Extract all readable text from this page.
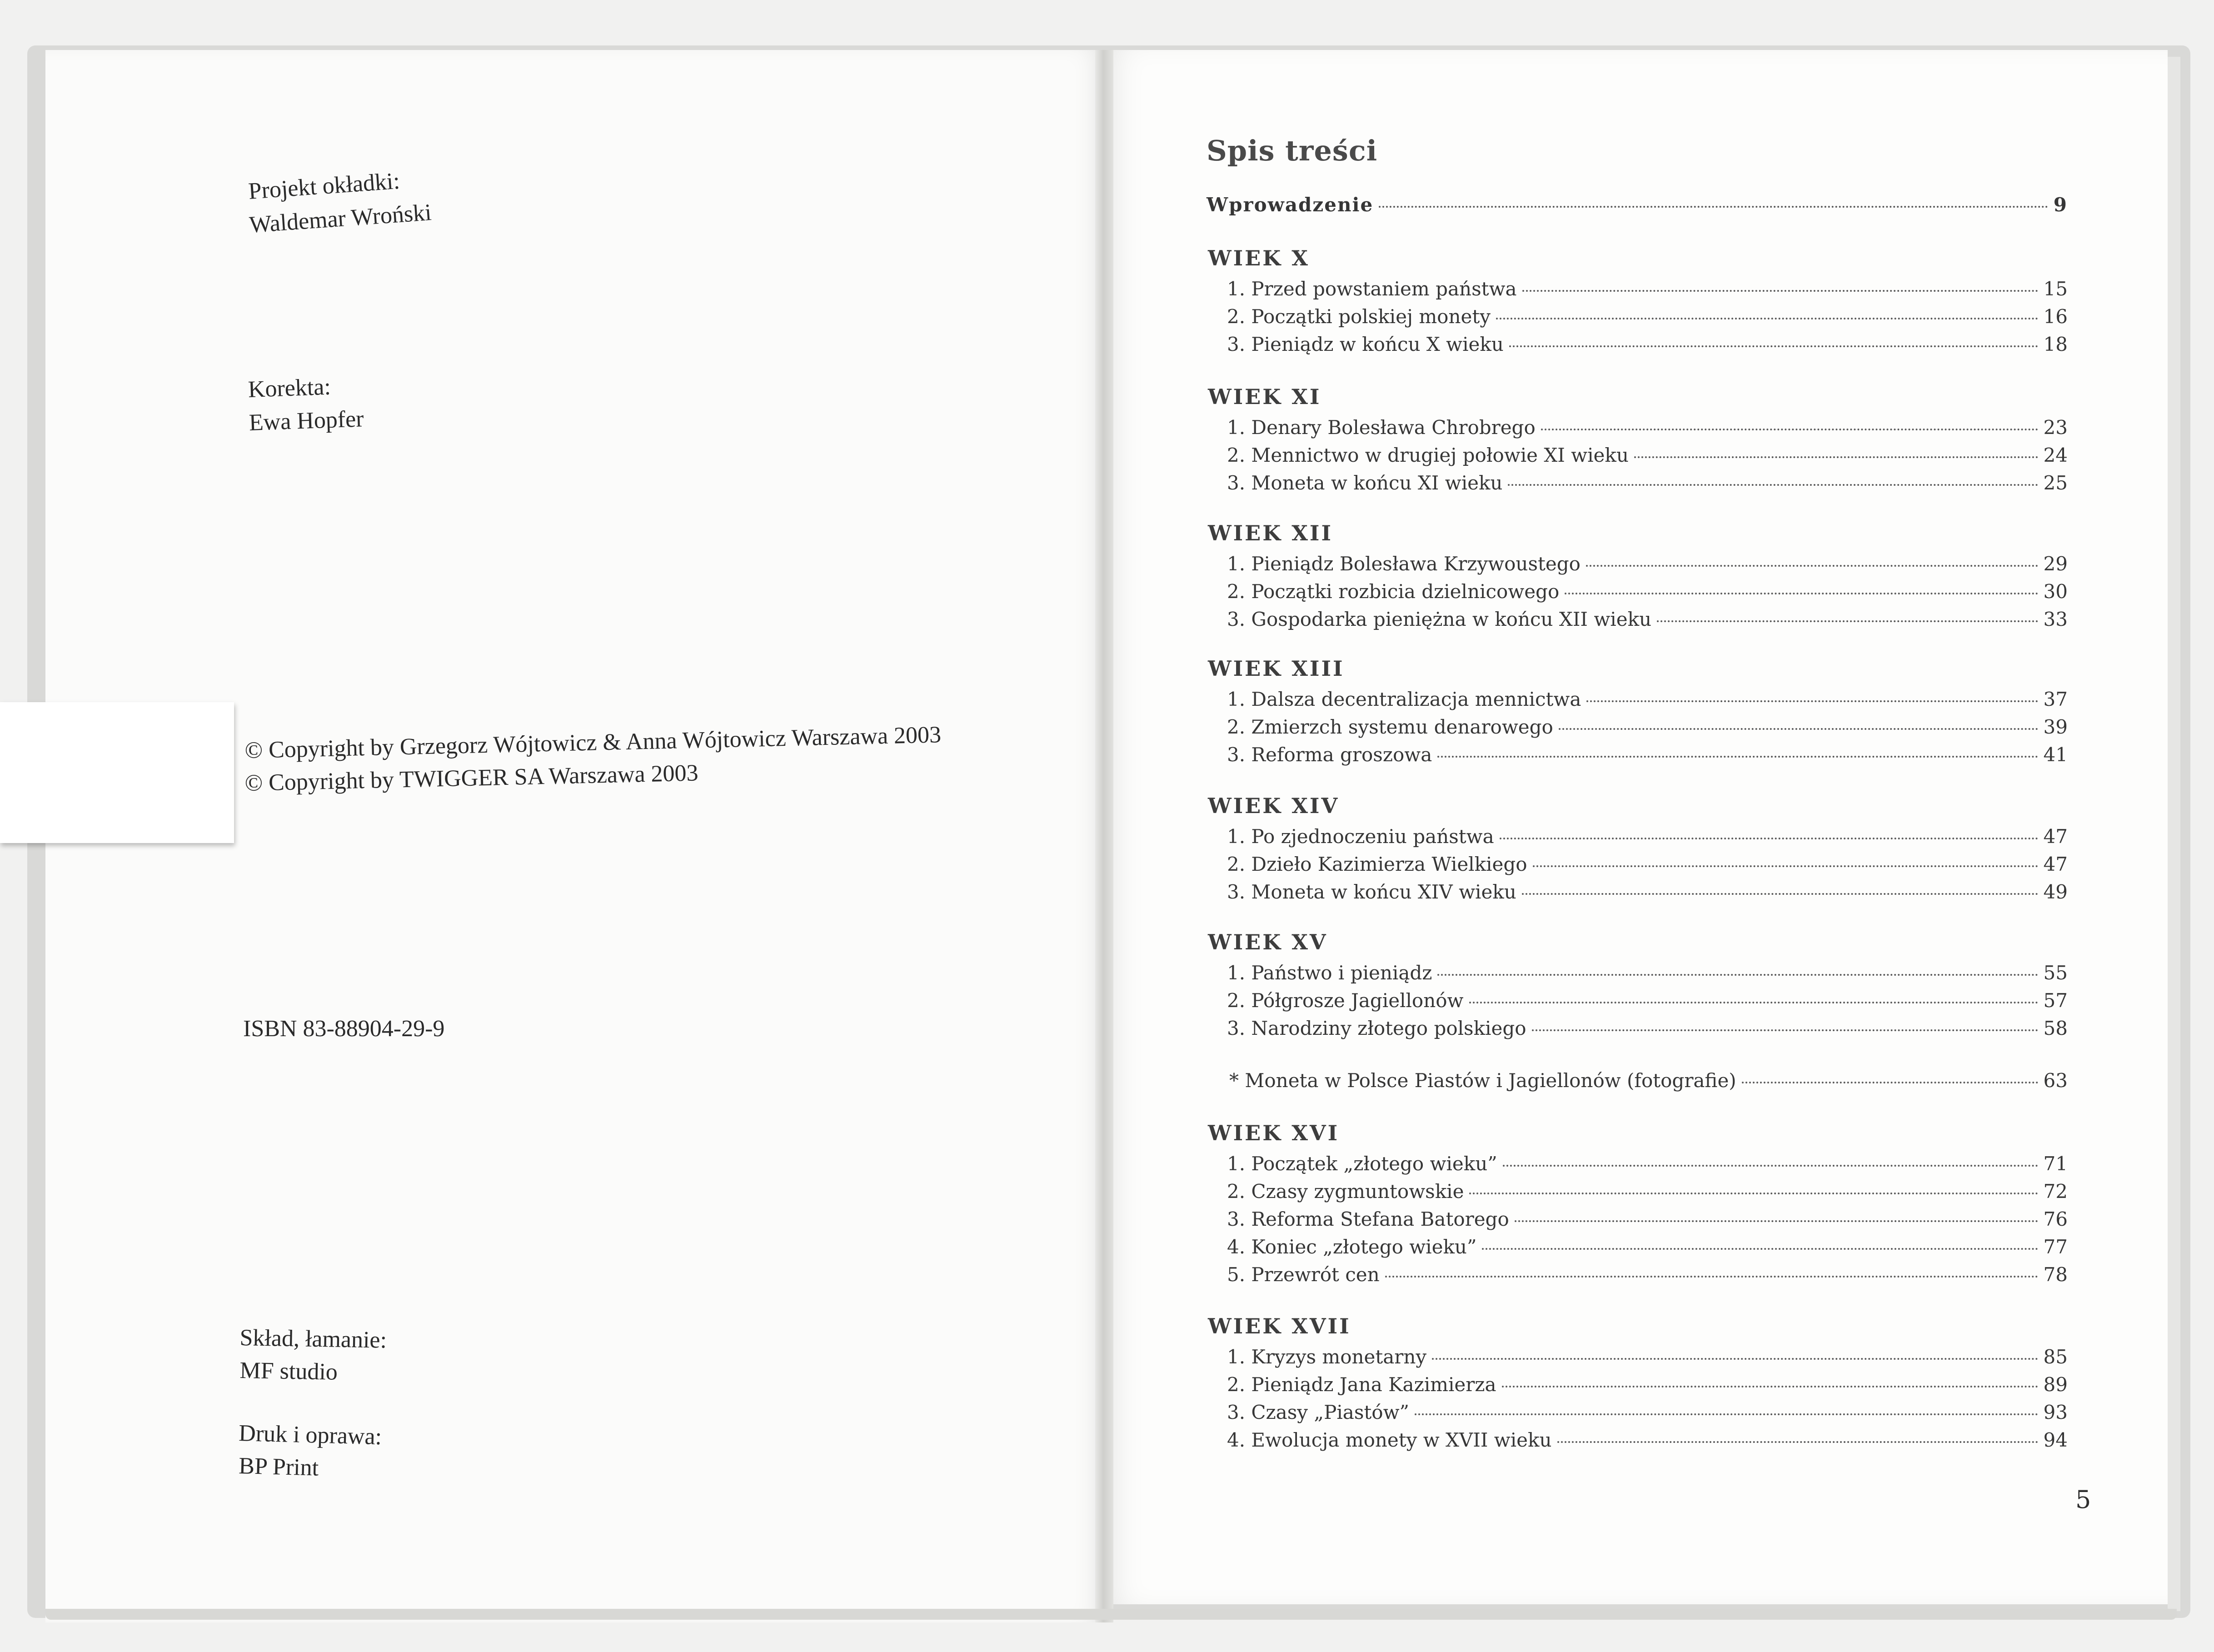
Projekt okładki:
Waldemar Wroński
Korekta:
Ewa Hopfer
© Copyright by Grzegorz Wójtowicz & Anna Wójtowicz Warszawa 2003
© Copyright by TWIGGER SA Warszawa 2003
ISBN 83-88904-29-9
Skład, łamanie:
MF studio
Druk i oprawa:
BP Print
Spis treści
Wprowadzenie	9
WIEK X
1. Przed powstaniem państwa	15
2. Początki polskiej monety	16
3. Pieniądz w końcu X wieku	18
WIEK XI
1. Denary Bolesława Chrobrego	23
2. Mennictwo w drugiej połowie XI wieku	24
3. Moneta w końcu XI wieku	25
WIEK XII
1. Pieniądz Bolesława Krzywoustego	29
2. Początki rozbicia dzielnicowego	30
3. Gospodarka pieniężna w końcu XII wieku	33
WIEK XIII
1. Dalsza decentralizacja mennictwa	37
2. Zmierzch systemu denarowego	39
3. Reforma groszowa	41
WIEK XIV
1. Po zjednoczeniu państwa	47
2. Dzieło Kazimierza Wielkiego	47
3. Moneta w końcu XIV wieku	49
WIEK XV
1. Państwo i pieniądz	55
2. Półgrosze Jagiellonów	57
3. Narodziny złotego polskiego	58
* Moneta w Polsce Piastów i Jagiellonów (fotografie)	63
WIEK XVI
1. Początek „złotego wieku”	71
2. Czasy zygmuntowskie	72
3. Reforma Stefana Batorego	76
4. Koniec „złotego wieku”	77
5. Przewrót cen	78
WIEK XVII
1. Kryzys monetarny	85
2. Pieniądz Jana Kazimierza	89
3. Czasy „Piastów”	93
4. Ewolucja monety w XVII wieku	94
5
